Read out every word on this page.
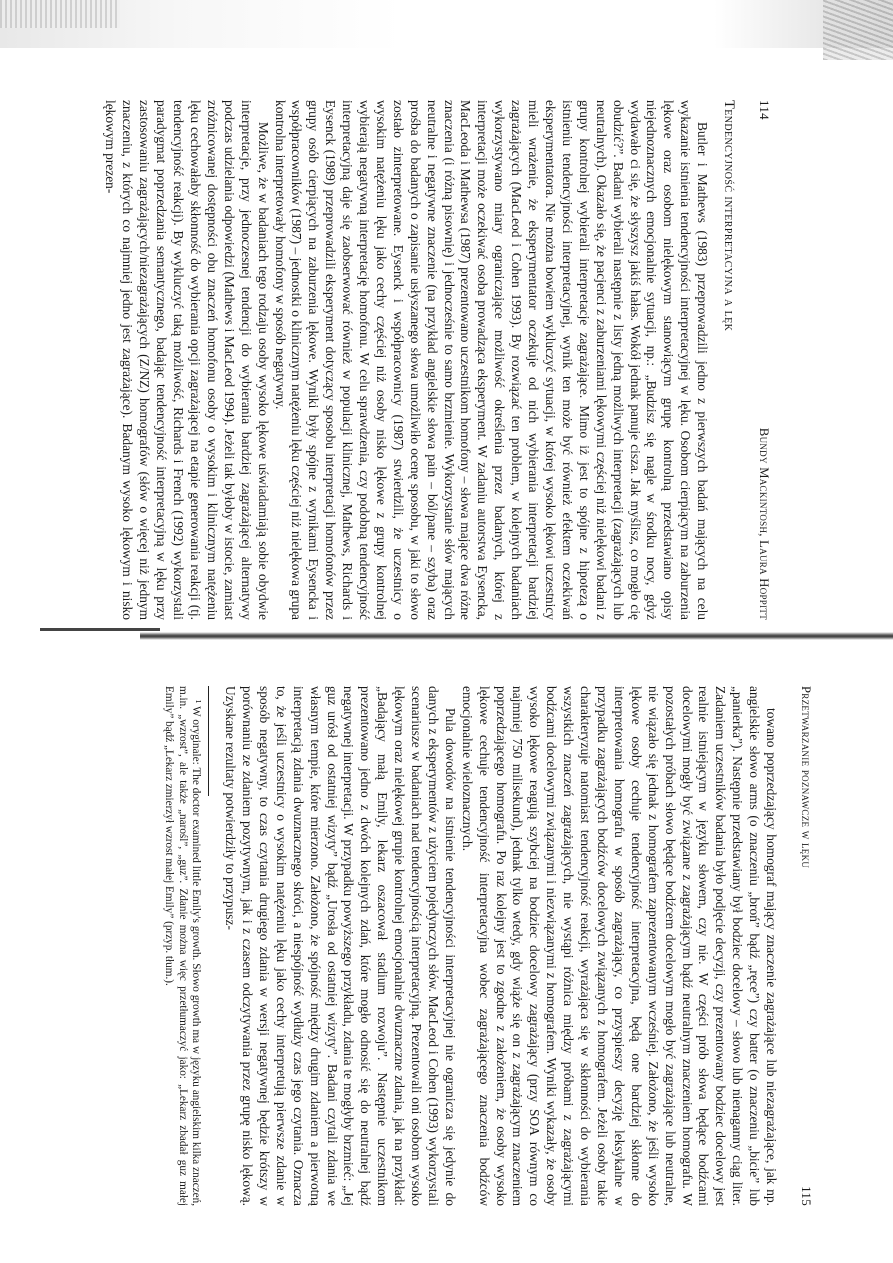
114
Bundy Mackintosh, Laura Hoppitt
Tendencyjność interpretacyjna a lęk

Butler i Mathews (1983) przeprowadzili jedno z pierwszych badań mających na celu wykazanie istnienia tendencyjności interpretacyjnej w lęku. Osobom cierpiącym na zaburzenia lękowe oraz osobom nielękowym stanowiącym grupę kontrolną przedstawiano opisy niejednoznacznych emocjonalnie sytuacji, np.: „Budzisz się nagle w środku nocy, gdyż wydawało ci się, że słyszysz jakiś hałas. Wokół jednak panuje cisza. Jak myślisz, co mogło cię obudzić?”. Badani wybierali następnie z listy jedną możliwych interpretacji (zagrażających lub neutralnych). Okazało się, że pacjenci z zaburzeniami lękowymi częściej niż nielękowi badani z grupy kontrolnej wybierali interpretacje zagrażające. Mimo iż jest to spójne z hipotezą o istnieniu tendencyjności interpretacyjnej, wynik ten może być również efektem oczekiwań eksperymentatora. Nie można bowiem wykluczyć sytuacji, w której wysoko lękowi uczestnicy mieli wrażenie, że eksperymentator oczekuje od nich wybierania interpretacji bardziej zagrażających (MacLeod i Cohen 1993). By rozwiązać ten problem, w kolejnych badaniach wykorzystywano miary ograniczające możliwość określenia przez badanych, której z interpretacji może oczekiwać osoba prowadząca eksperyment. W zadaniu autorstwa Eysencka, MacLeoda i Mathewsa (1987) prezentowano uczestnikom homofony – słowa mające dwa różne znaczenia (i różną pisownię) i jednocześnie to samo brzmienie. Wykorzystanie słów mających neutralne i negatywne znaczenie (na przykład angielskie słowa pain – ból/pane – szyba) oraz prośba do badanych o zapisanie usłyszanego słowa umożliwiło ocenę sposobu, w jaki to słowo zostało zinterpretowane. Eysenck i współpracownicy (1987) stwierdzili, że uczestnicy o wysokim natężeniu lęku jako cechy częściej niż osoby nisko lękowe z grupy kontrolnej wybierają negatywną interpretację homofonu. W celu sprawdzenia, czy podobną tendencyjność interpretacyjną daje się zaobserwować również w populacji klinicznej, Mathews, Richards i Eysenck (1989) przeprowadzili eksperyment dotyczący sposobu interpretacji homofonów przez grupy osób cierpiących na zaburzenia lękowe. Wyniki były spójne z wynikami Eysencka i współpracowników (1987) – jednostki o klinicznym natężeniu lęku częściej niż nielękowa grupa kontrolna interpretowały homofony w sposób negatywny.

Możliwe, że w badaniach tego rodzaju osoby wysoko lękowe uświadamiają sobie obydwie interpretacje, przy jednoczesnej tendencji do wybierania bardziej zagrażającej alternatywy podczas udzielania odpowiedzi (Mathews i MacLeod 1994). Jeżeli tak byłoby w istocie, zamiast zróżnicowanej dostępności obu znaczeń homofonu osoby o wysokim i klinicznym natężeniu lęku cechowałaby skłonność do wybierania opcji zagrażającej na etapie generowania reakcji (tj. tendencyjność reakcji). By wykluczyć taką możliwość, Richards i French (1992) wykorzystali paradygmat poprzedzania semantycznego, badając tendencyjność interpretacyjną w lęku przy zastosowaniu zagrażających/niezagrażających (Z/NZ) homografów (słów o więcej niż jednym znaczeniu, z których co najmniej jedno jest zagrażające). Badanym wysoko lękowym i nisko lękowym prezen-

Przetwarzanie poznawcze w lęku
115

towano poprzedzający homograf mający znaczenie zagrażające lub niezagrażające, jak np. angielskie słowo arms (o znaczeniu „broń” bądź „ręce”) czy batter (o znaczeniu „bicie” lub „panierka”). Następnie przedstawiany był bodziec docelowy – słowo lub nienaganny ciąg liter. Zadaniem uczestników badania było podjęcie decyzji, czy prezentowany bodziec docelowy jest realnie istniejącym w języku słowem, czy nie. W części prób słowa będące bodźcami docelowymi mogły być związane z zagrażającym bądź neutralnym znaczeniem homografu. W pozostałych próbach słowo będące bodźcem docelowym mogło być zagrażające lub neutralne, nie wiązało się jednak z homografem zaprezentowanym wcześniej. Założono, że jeśli wysoko lękowe osoby cechuje tendencyjność interpretacyjna, będą one bardziej skłonne do interpretowania homografu w sposób zagrażający, co przyspieszy decyzję leksykalne w przypadku zagrażających bodźców docelowych związanych z homografem. Jeżeli osoby takie charakteryzuje natomiast tendencyjność reakcji, wyrażająca się w skłonności do wybierania wszystkich znaczeń zagrażających, nie wystąpi różnica między próbami z zagrażającymi bodźcami docelowymi związanymi i niezwiązanymi z homografem. Wyniki wykazały, że osoby wysoko lękowe reagują szybciej na bodziec docelowy zagrażający (przy SOA równym co najmniej 750 milisekund), jednak tylko wtedy, gdy wiąże się on z zagrażającym znaczeniem poprzedzającego homografu. Po raz kolejny jest to zgodne z założeniem, że osoby wysoko lękowe cechuje tendencyjność interpretacyjna wobec zagrażającego znaczenia bodźców emocjonalnie wieloznacznych.

Pula dowodów na istnienie tendencyjności interpretacyjnej nie ogranicza się jedynie do danych z eksperymentów z użyciem pojedynczych słów. MacLeod i Cohen (1993) wykorzystali scenariusze w badaniach nad tendencyjnością interpretacyjną. Prezentowali oni osobom wysoko lękowym oraz nielękowej grupie kontrolnej emocjonalnie dwuznaczne zdania, jak na przykład: „Badający małą Emily, lekarz oszacował stadium rozwoju”. Następnie uczestnikom prezentowano jedno z dwóch kolejnych zdań, które mogło odnosić się do neutralnej bądź negatywnej interpretacji. W przypadku powyższego przykładu, zdania te mogłyby brzmieć: „Jej guz urósł od ostatniej wizyty” bądź „Urosła od ostatniej wizyty”. Badani czytali zdania we własnym tempie, które mierzono. Założono, że spójność między drugim zdaniem a pierwotną interpretacją zdania dwuznacznego skróci, a niespójność wydłuży czas jego czytania. Oznacza to, że jeśli uczestnicy o wysokim natężeniu lęku jako cechy interpretują pierwsze zdanie w sposób negatywny, to czas czytania drugiego zdania w wersji negatywnej będzie krótszy w porównaniu ze zdaniem pozytywnym, jak i z czasem odczytywania przez grupę nisko lękową. Uzyskane rezultaty potwierdziły to przypusz-

¹ W oryginale: The doctor examined little Emily's growth. Słowo growth ma w języku angielskim kilka znaczeń, m.in. „wzrost”, ale także „narośl”, „guz”. Zdanie można więc przetłumaczyć jako: „Lekarz zbadał guz małej Emily” bądź „Lekarz zmierzył wzrost małej Emily” (przyp. tłum.).
